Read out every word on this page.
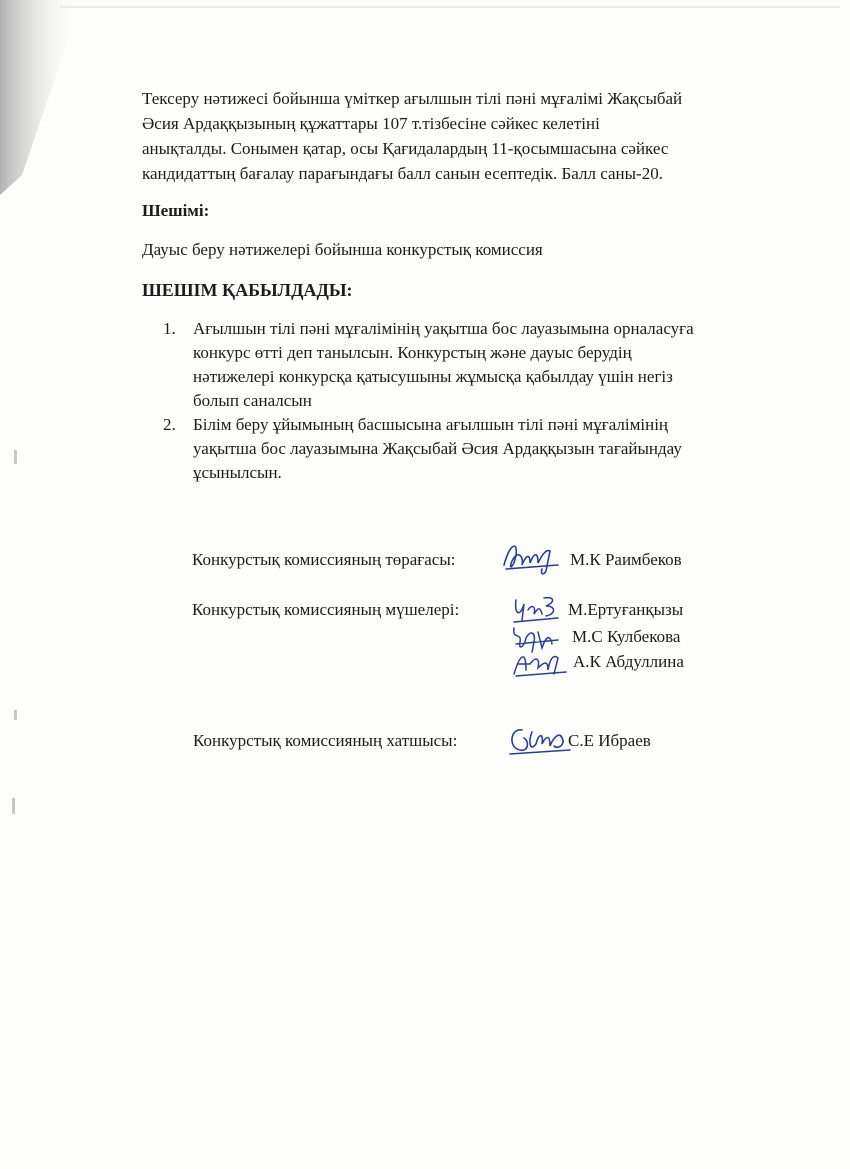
Тексеру нәтижесі бойынша үміткер ағылшын тілі пәні мұғалімі Жақсыбай
Әсия Ардаққызының құжаттары 107 т.тізбесіне сәйкес келетіні
анықталды. Сонымен қатар, осы Қағидалардың 11-қосымшасына сәйкес
кандидаттың бағалау парағындағы балл санын есептедік. Балл саны-20.
Шешімі:
Дауыс беру нәтижелері бойынша конкурстық комиссия
ШЕШІМ ҚАБЫЛДАДЫ:
1. Ағылшын тілі пәні мұғалімінің уақытша бос лауазымына орналасуға
конкурс өтті деп танылсын. Конкурстың және дауыс берудің
нәтижелері конкурсқа қатысушыны жұмысқа қабылдау үшін негіз
болып саналсын
2. Білім беру ұйымының басшысына ағылшын тілі пәні мұғалімінің
уақытша бос лауазымына Жақсыбай Әсия Ардаққызын тағайындау
ұсынылсын.
Конкурстық комиссияның төрағасы:	М.К Раимбеков
Конкурстық комиссияның мүшелері:	М.Ертуғанқызы
М.С Кулбекова
А.К Абдуллина
Конкурстық комиссияның хатшысы:	С.Е Ибраев
